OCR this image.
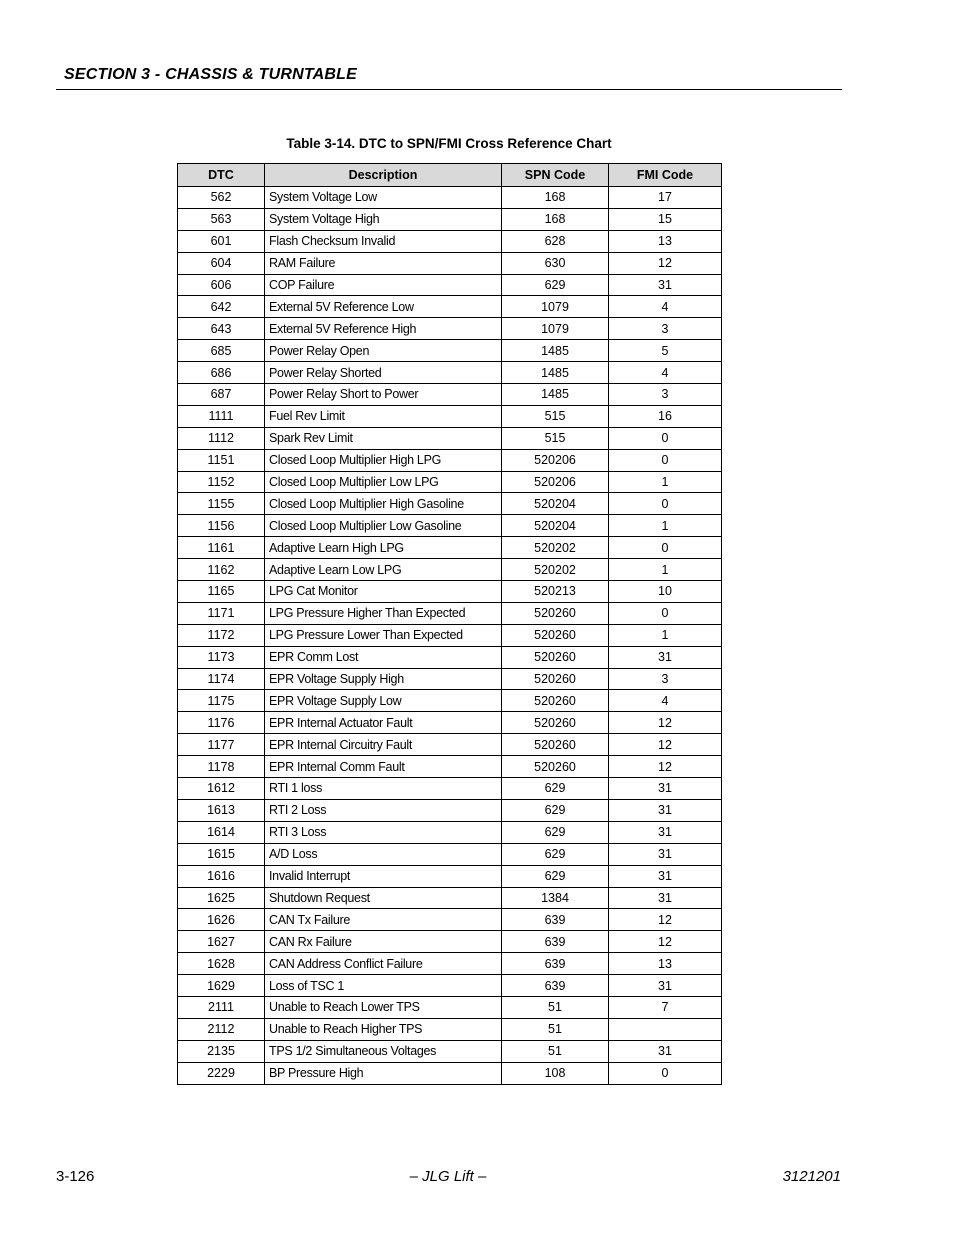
SECTION 3 - CHASSIS & TURNTABLE
Table 3-14. DTC to SPN/FMI Cross Reference Chart
DTC	Description	SPN Code	FMI Code
562	System Voltage Low	168	17
563	System Voltage High	168	15
601	Flash Checksum Invalid	628	13
604	RAM Failure	630	12
606	COP Failure	629	31
642	External 5V Reference Low	1079	4
643	External 5V Reference High	1079	3
685	Power Relay Open	1485	5
686	Power Relay Shorted	1485	4
687	Power Relay Short to Power	1485	3
1111	Fuel Rev Limit	515	16
1112	Spark Rev Limit	515	0
1151	Closed Loop Multiplier High LPG	520206	0
1152	Closed Loop Multiplier Low LPG	520206	1
1155	Closed Loop Multiplier High Gasoline	520204	0
1156	Closed Loop Multiplier Low Gasoline	520204	1
1161	Adaptive Learn High LPG	520202	0
1162	Adaptive Learn Low LPG	520202	1
1165	LPG Cat Monitor	520213	10
1171	LPG Pressure Higher Than Expected	520260	0
1172	LPG Pressure Lower Than Expected	520260	1
1173	EPR Comm Lost	520260	31
1174	EPR Voltage Supply High	520260	3
1175	EPR Voltage Supply Low	520260	4
1176	EPR Internal Actuator Fault	520260	12
1177	EPR Internal Circuitry Fault	520260	12
1178	EPR Internal Comm Fault	520260	12
1612	RTI 1 loss	629	31
1613	RTI 2 Loss	629	31
1614	RTI 3 Loss	629	31
1615	A/D Loss	629	31
1616	Invalid Interrupt	629	31
1625	Shutdown Request	1384	31
1626	CAN Tx Failure	639	12
1627	CAN Rx Failure	639	12
1628	CAN Address Conflict Failure	639	13
1629	Loss of TSC 1	639	31
2111	Unable to Reach Lower TPS	51	7
2112	Unable to Reach Higher TPS	51	
2135	TPS 1/2 Simultaneous Voltages	51	31
2229	BP Pressure High	108	0
3-126	– JLG Lift –	3121201
